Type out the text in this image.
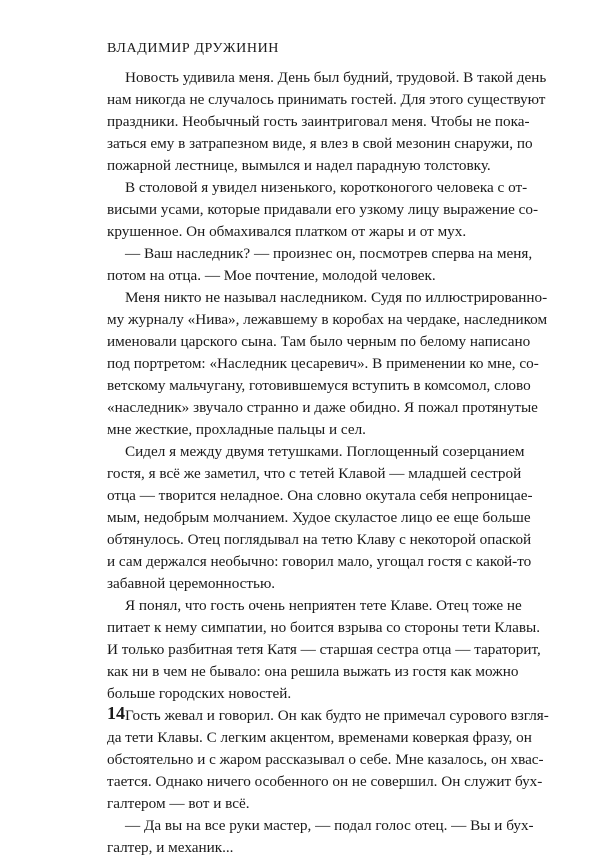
ВЛАДИМИР ДРУЖИНИН
Новость удивила меня. День был будний, трудовой. В такой день
нам никогда не случалось принимать гостей. Для этого существуют
праздники. Необычный гость заинтриговал меня. Чтобы не пока-
заться ему в затрапезном виде, я влез в свой мезонин снаружи, по
пожарной лестнице, вымылся и надел парадную толстовку.
В столовой я увидел низенького, коротконогого человека с от-
висыми усами, которые придавали его узкому лицу выражение со-
крушенное. Он обмахивался платком от жары и от мух.
— Ваш наследник? — произнес он, посмотрев сперва на меня,
потом на отца. — Мое почтение, молодой человек.
Меня никто не называл наследником. Судя по иллюстрированно-
му журналу «Нива», лежавшему в коробах на чердаке, наследником
именовали царского сына. Там было черным по белому написано
под портретом: «Наследник цесаревич». В применении ко мне, со-
ветскому мальчугану, готовившемуся вступить в комсомол, слово
«наследник» звучало странно и даже обидно. Я пожал протянутые
мне жесткие, прохладные пальцы и сел.
Сидел я между двумя тетушками. Поглощенный созерцанием
гостя, я всё же заметил, что с тетей Клавой — младшей сестрой
отца — творится неладное. Она словно окутала себя непроницае-
мым, недобрым молчанием. Худое скуластое лицо ее еще больше
обтянулось. Отец поглядывал на тетю Клаву с некоторой опаской
и сам держался необычно: говорил мало, угощал гостя с какой-то
забавной церемонностью.
Я понял, что гость очень неприятен тете Клаве. Отец тоже не
питает к нему симпатии, но боится взрыва со стороны тети Клавы.
И только разбитная тетя Катя — старшая сестра отца — тараторит,
как ни в чем не бывало: она решила выжать из гостя как можно
больше городских новостей.
Гость жевал и говорил. Он как будто не примечал сурового взгля-
да тети Клавы. С легким акцентом, временами коверкая фразу, он
обстоятельно и с жаром рассказывал о себе. Мне казалось, он хвас-
тается. Однако ничего особенного он не совершил. Он служит бух-
галтером — вот и всё.
— Да вы на все руки мастер, — подал голос отец. — Вы и бух-
галтер, и механик...
14
